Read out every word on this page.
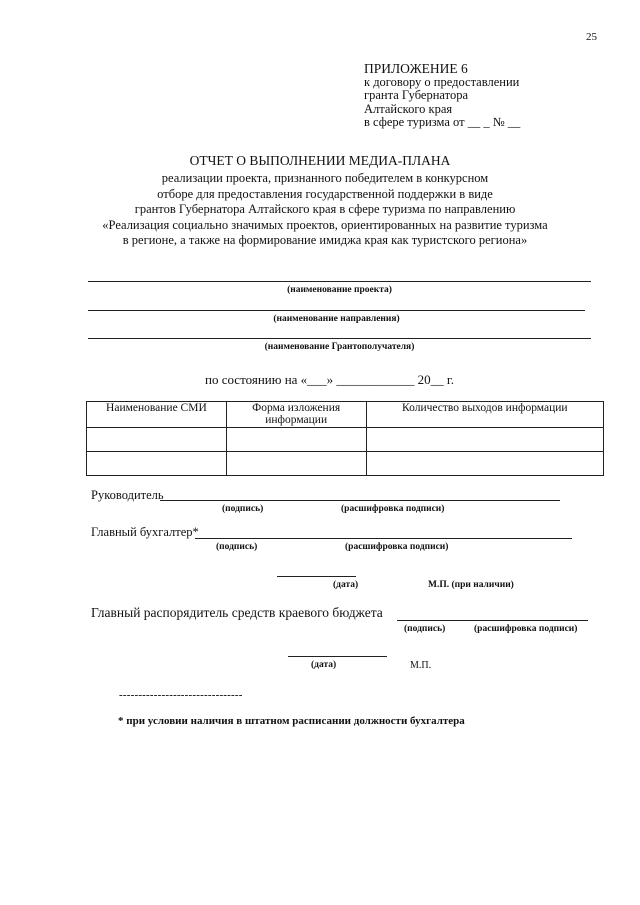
25
ПРИЛОЖЕНИЕ 6
к договору о предоставлении
гранта Губернатора
Алтайского края
в сфере туризма от __ _ № __
ОТЧЕТ О ВЫПОЛНЕНИИ МЕДИА-ПЛАНА
реализации проекта, признанного победителем в конкурсном
отборе для предоставления государственной поддержки в виде
грантов Губернатора Алтайского края в сфере туризма по направлению
«Реализация социально значимых проектов, ориентированных на развитие туризма
в регионе, а также на формирование имиджа края как туристского региона»
(наименование проекта)
(наименование направления)
(наименование Грантополучателя)
по состоянию на «___» ____________ 20__ г.
Наименование СМИ	Форма изложения информации	Количество выходов информации

Руководитель
(подпись)	(расшифровка подписи)
Главный бухгалтер*
(подпись)	(расшифровка подписи)
(дата)	М.П. (при наличии)
Главный распорядитель средств краевого бюджета
(подпись)	(расшифровка подписи)
(дата)	М.П.
--------------------------------
* при условии наличия в штатном расписании должности бухгалтера
